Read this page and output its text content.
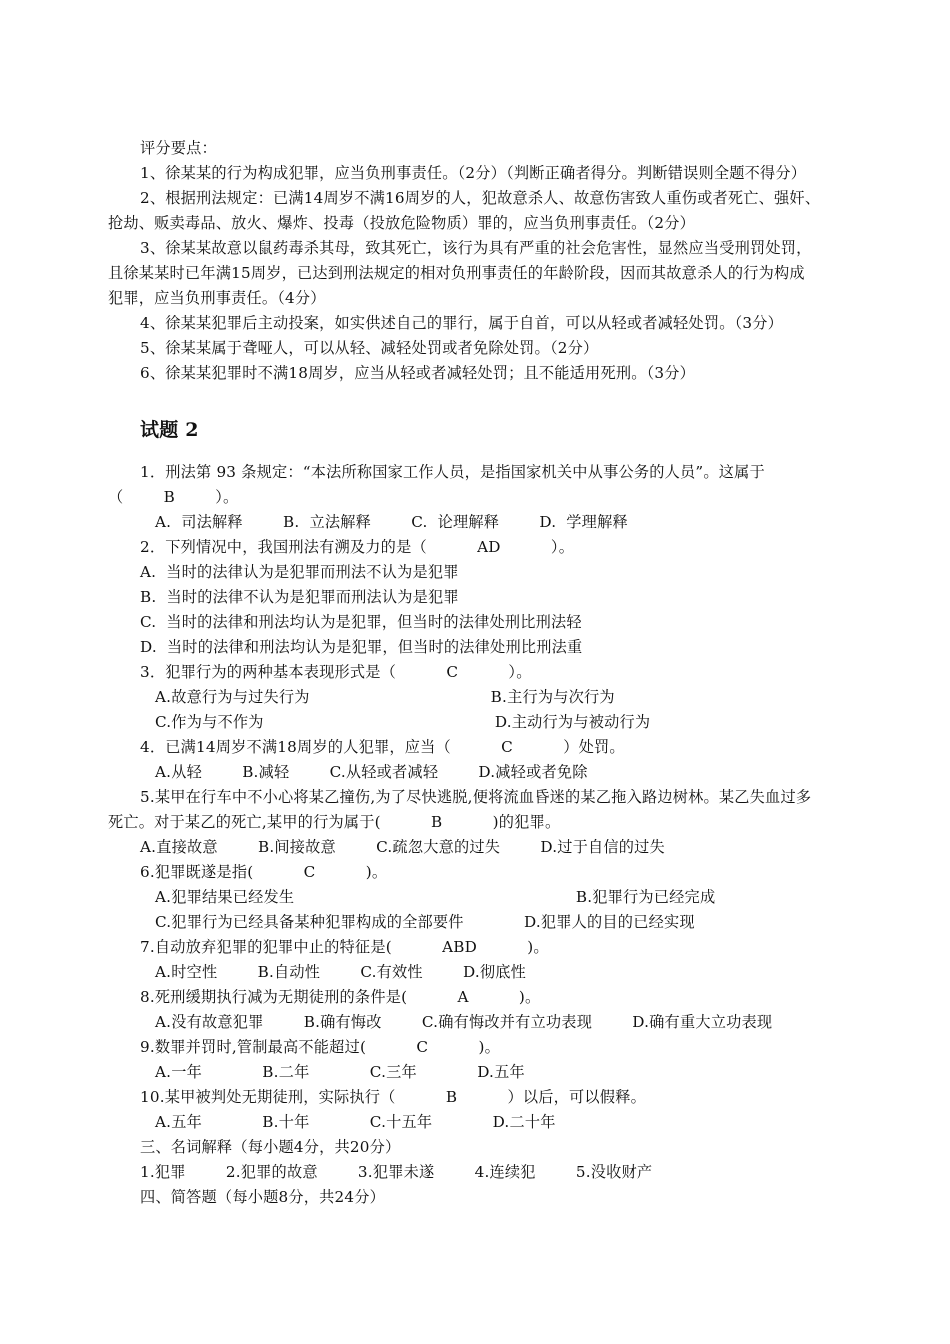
评分要点：
1、徐某某的行为构成犯罪，应当负刑事责任。（2分）（判断正确者得分。判断错误则全题不得分）
2、根据刑法规定：已满14周岁不满16周岁的人，犯故意杀人、故意伤害致人重伤或者死亡、强奸、
抢劫、贩卖毒品、放火、爆炸、投毒（投放危险物质）罪的，应当负刑事责任。（2分）
3、徐某某故意以鼠药毒杀其母，致其死亡，该行为具有严重的社会危害性，显然应当受刑罚处罚，
且徐某某时已年满15周岁，已达到刑法规定的相对负刑事责任的年龄阶段，因而其故意杀人的行为构成
犯罪，应当负刑事责任。（4分）
4、徐某某犯罪后主动投案，如实供述自己的罪行，属于自首，可以从轻或者减轻处罚。（3分）
5、徐某某属于聋哑人，可以从轻、减轻处罚或者免除处罚。（2分）
6、徐某某犯罪时不满18周岁，应当从轻或者减轻处罚；且不能适用死刑。（3分）
试题 2
1．刑法第 93 条规定：“本法所称国家工作人员，是指国家机关中从事公务的人员”。这属于
（        B        ）。
A.  司法解释        B.  立法解释        C.  论理解释        D.  学理解释
2．下列情况中，我国刑法有溯及力的是（          AD          ）。
A.  当时的法律认为是犯罪而刑法不认为是犯罪
B.  当时的法律不认为是犯罪而刑法认为是犯罪
C.  当时的法律和刑法均认为是犯罪，但当时的法律处刑比刑法轻
D.  当时的法律和刑法均认为是犯罪，但当时的法律处刑比刑法重
3．犯罪行为的两种基本表现形式是（          C          ）。
A.故意行为与过失行为                                    B.主行为与次行为
C.作为与不作为                                              D.主动行为与被动行为
4．已满14周岁不满18周岁的人犯罪，应当（          C          ）处罚。
A.从轻        B.减轻        C.从轻或者减轻        D.减轻或者免除
5.某甲在行车中不小心将某乙撞伤,为了尽快逃脱,便将流血昏迷的某乙拖入路边树林。某乙失血过多
死亡。对于某乙的死亡,某甲的行为属于(          B          )的犯罪。
A.直接故意        B.间接故意        C.疏忽大意的过失        D.过于自信的过失
6.犯罪既遂是指(          C          )。
A.犯罪结果已经发生                                                        B.犯罪行为已经完成
C.犯罪行为已经具备某种犯罪构成的全部要件            D.犯罪人的目的已经实现
7.自动放弃犯罪的犯罪中止的特征是(          ABD          )。
A.时空性        B.自动性        C.有效性        D.彻底性
8.死刑缓期执行减为无期徒刑的条件是(          A          )。
A.没有故意犯罪        B.确有悔改        C.确有悔改并有立功表现        D.确有重大立功表现
9.数罪并罚时,管制最高不能超过(          C          )。
A.一年            B.二年            C.三年            D.五年
10.某甲被判处无期徒刑，实际执行（          B          ）以后，可以假释。
A.五年            B.十年            C.十五年            D.二十年
三、名词解释（每小题4分，共20分）
1.犯罪        2.犯罪的故意        3.犯罪未遂        4.连续犯        5.没收财产
四、简答题（每小题8分，共24分）
